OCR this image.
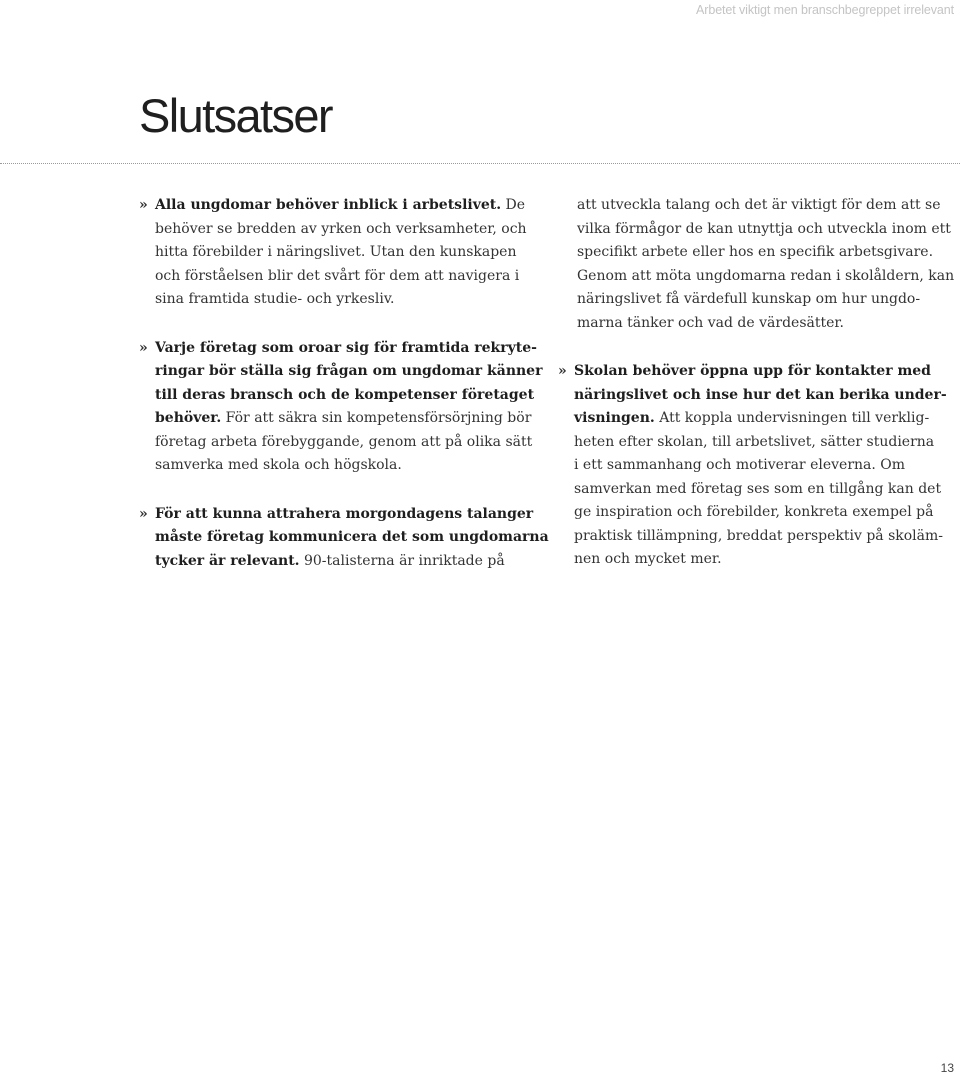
Arbetet viktigt men branschbegreppet irrelevant
Slutsatser

» Alla ungdomar behöver inblick i arbetslivet. De
behöver se bredden av yrken och verksamheter, och
hitta förebilder i näringslivet. Utan den kunskapen
och förståelsen blir det svårt för dem att navigera i
sina framtida studie- och yrkesliv.

» Varje företag som oroar sig för framtida rekryte-
ringar bör ställa sig frågan om ungdomar känner
till deras bransch och de kompetenser företaget
behöver. För att säkra sin kompetensförsörjning bör
företag arbeta förebyggande, genom att på olika sätt
samverka med skola och högskola.

» För att kunna attrahera morgondagens talanger
måste företag kommunicera det som ungdomarna
tycker är relevant. 90-talisterna är inriktade på

att utveckla talang och det är viktigt för dem att se
vilka förmågor de kan utnyttja och utveckla inom ett
specifikt arbete eller hos en specifik arbetsgivare.
Genom att möta ungdomarna redan i skolåldern, kan
näringslivet få värdefull kunskap om hur ungdo-
marna tänker och vad de värdesätter.

» Skolan behöver öppna upp för kontakter med
näringslivet och inse hur det kan berika under-
visningen. Att koppla undervisningen till verklig-
heten efter skolan, till arbetslivet, sätter studierna
i ett sammanhang och motiverar eleverna. Om
samverkan med företag ses som en tillgång kan det
ge inspiration och förebilder, konkreta exempel på
praktisk tillämpning, breddat perspektiv på skoläm-
nen och mycket mer.

13
